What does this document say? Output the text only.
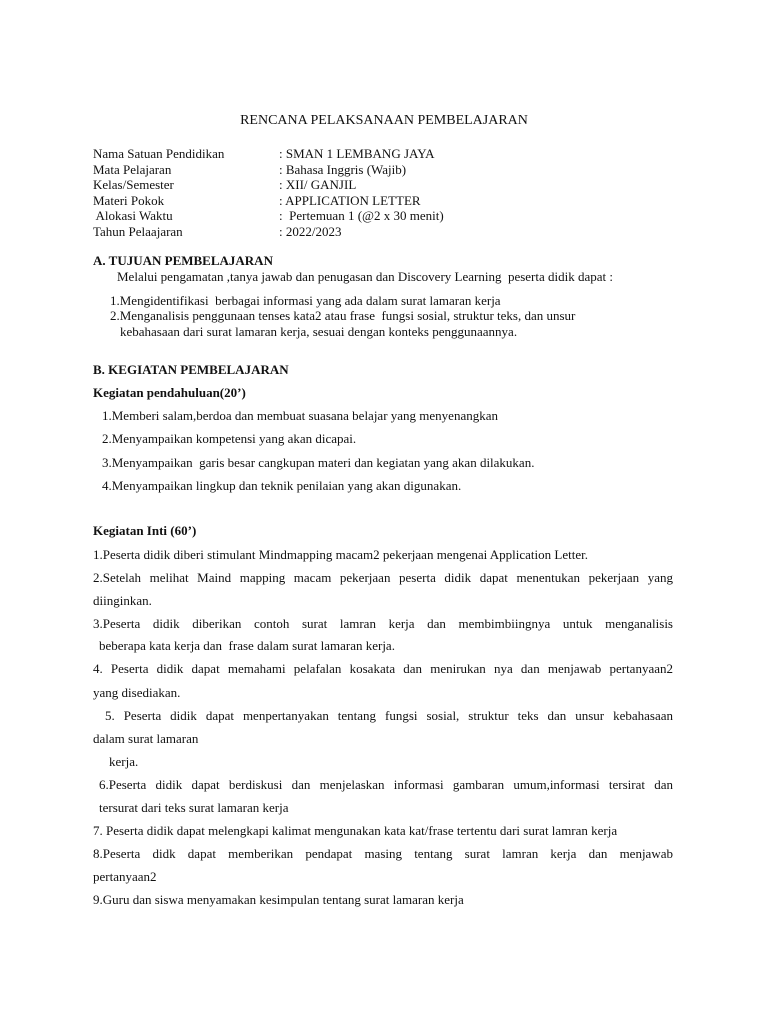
RENCANA PELAKSANAAN PEMBELAJARAN
Nama Satuan Pendidikan	: SMAN 1 LEMBANG JAYA
Mata Pelajaran	: Bahasa Inggris (Wajib)
Kelas/Semester	: XII/ GANJIL
Materi Pokok	: APPLICATION LETTER
Alokasi Waktu	:  Pertemuan 1 (@2 x 30 menit)
Tahun Pelaajaran	: 2022/2023
A. TUJUAN PEMBELAJARAN
Melalui pengamatan ,tanya jawab dan penugasan dan Discovery Learning  peserta didik dapat :
1.Mengidentifikasi  berbagai informasi yang ada dalam surat lamaran kerja
2.Menganalisis penggunaan tenses kata2 atau frase  fungsi sosial, struktur teks, dan unsur
kebahasaan dari surat lamaran kerja, sesuai dengan konteks penggunaannya.
B. KEGIATAN PEMBELAJARAN
Kegiatan pendahuluan(20’)
1.Memberi salam,berdoa dan membuat suasana belajar yang menyenangkan
2.Menyampaikan kompetensi yang akan dicapai.
3.Menyampaikan  garis besar cangkupan materi dan kegiatan yang akan dilakukan.
4.Menyampaikan lingkup dan teknik penilaian yang akan digunakan.
Kegiatan Inti (60’)
1.Peserta didik diberi stimulant Mindmapping macam2 pekerjaan mengenai Application Letter.
2.Setelah melihat Maind mapping macam pekerjaan peserta didik dapat menentukan pekerjaan yang
diinginkan.
3.Peserta didik diberikan contoh surat lamran kerja dan membimbiingnya untuk menganalisis
beberapa kata kerja dan  frase dalam surat lamaran kerja.
4. Peserta didik dapat memahami pelafalan kosakata dan menirukan nya dan menjawab pertanyaan2
yang disediakan.
5. Peserta didik dapat menpertanyakan tentang fungsi sosial, struktur teks dan unsur kebahasaan
dalam surat lamaran
kerja.
6.Peserta didik dapat berdiskusi dan menjelaskan informasi gambaran umum,informasi tersirat dan
tersurat dari teks surat lamaran kerja
7. Peserta didik dapat melengkapi kalimat mengunakan kata kat/frase tertentu dari surat lamran kerja
8.Peserta didk dapat memberikan pendapat masing tentang surat lamran kerja dan menjawab
pertanyaan2
9.Guru dan siswa menyamakan kesimpulan tentang surat lamaran kerja
